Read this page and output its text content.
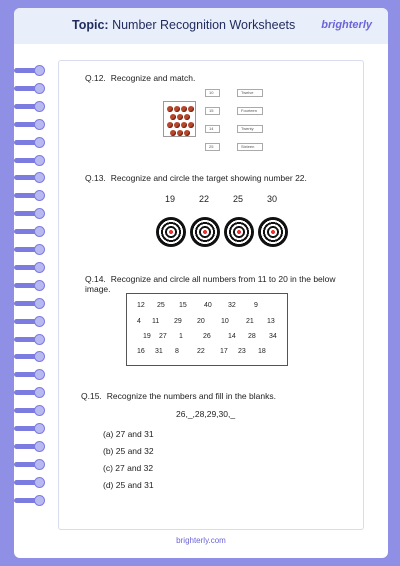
Topic: Number Recognition Worksheets brighterly
Q.12. Recognize and match.
10
15
14
25
Twelve
Fourteen
Twenty
Sixteen
Q.13. Recognize and circle the target showing number 22.
19	22	25	30
Q.14. Recognize and circle all numbers from 11 to 20 in the below image.
12 25 15 40 32	9
4 11 29 20 10 21 13
19 27 1	26 14 28 34
16 31 8	22 17 23 18
Q.15. Recognize the numbers and fill in the blanks.
26,_,28,29,30,_
(a) 27 and 31
(b) 25 and 32
(c) 27 and 32
(d) 25 and 31
brighterly.com
